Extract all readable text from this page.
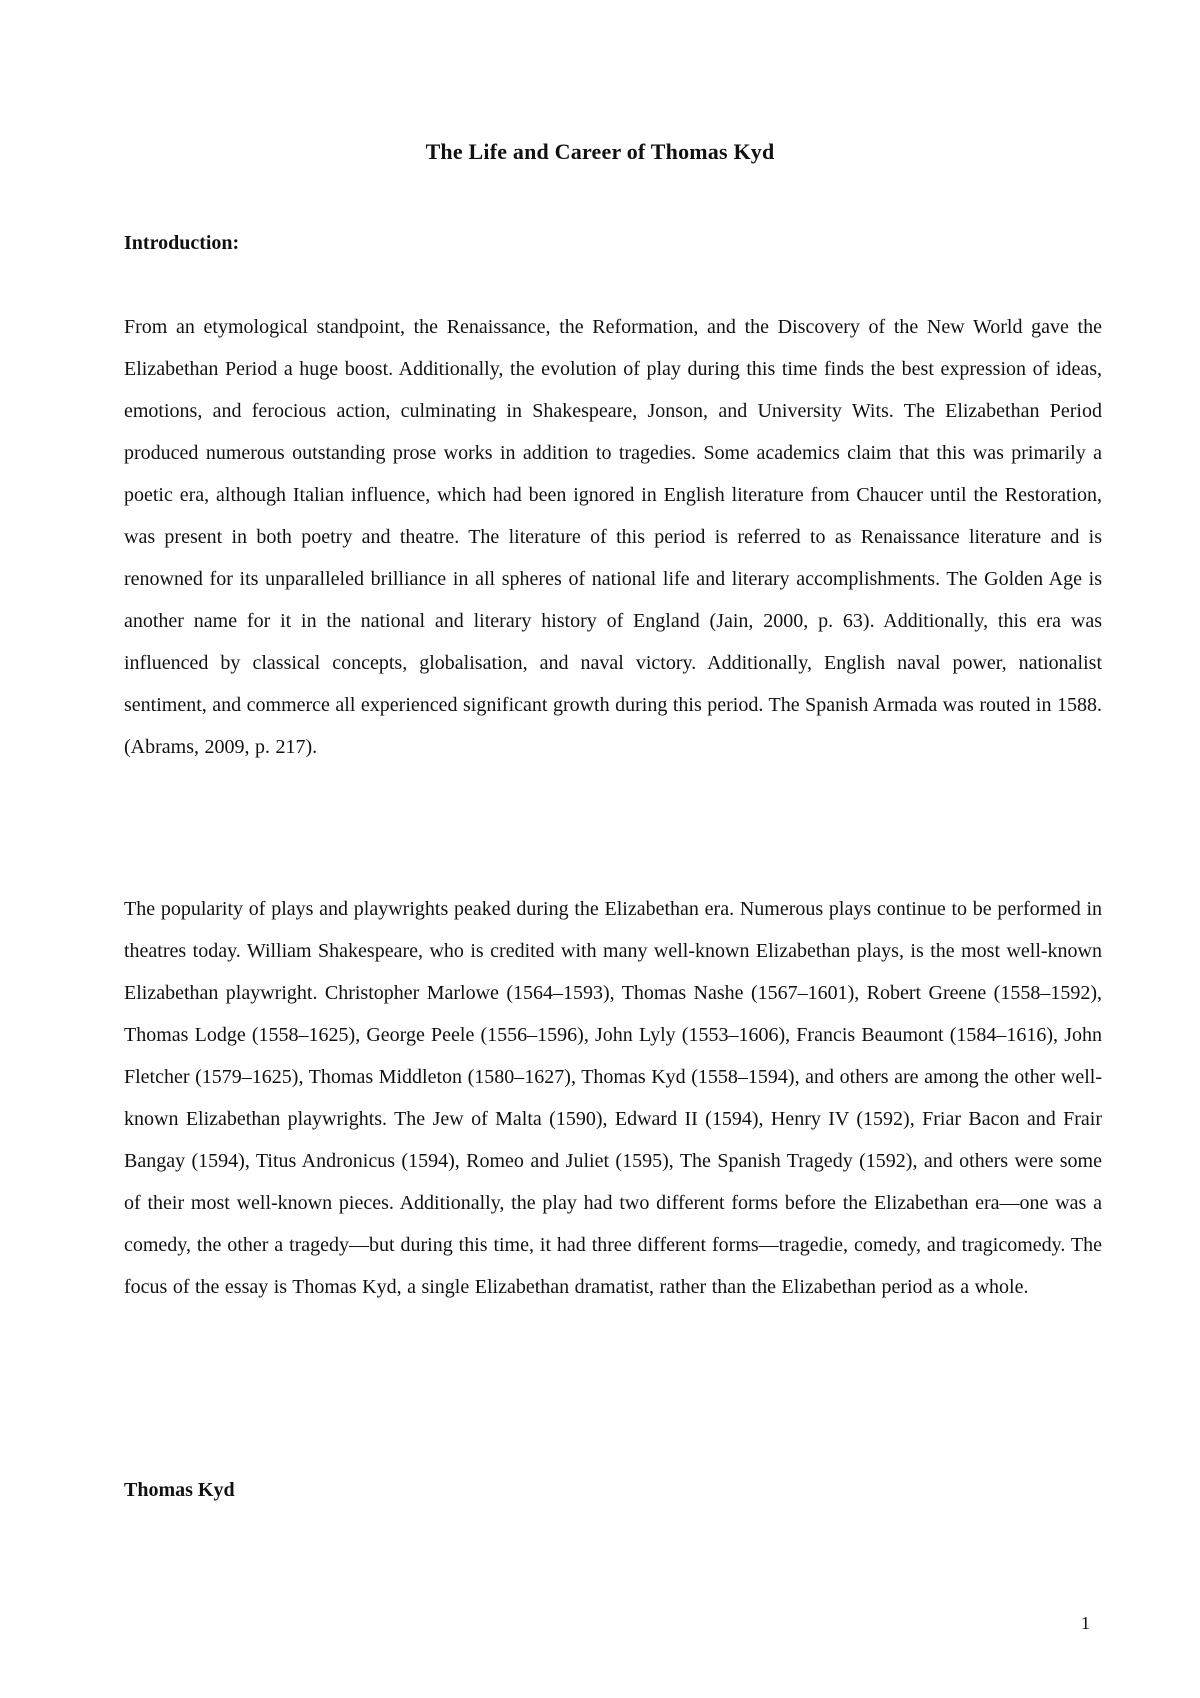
The Life and Career of Thomas Kyd
Introduction:

From an etymological standpoint, the Renaissance, the Reformation, and the Discovery of the New World gave the Elizabethan Period a huge boost. Additionally, the evolution of play during this time finds the best expression of ideas, emotions, and ferocious action, culminating in Shakespeare, Jonson, and University Wits. The Elizabethan Period produced numerous outstanding prose works in addition to tragedies. Some academics claim that this was primarily a poetic era, although Italian influence, which had been ignored in English literature from Chaucer until the Restoration, was present in both poetry and theatre. The literature of this period is referred to as Renaissance literature and is renowned for its unparalleled brilliance in all spheres of national life and literary accomplishments. The Golden Age is another name for it in the national and literary history of England (Jain, 2000, p. 63). Additionally, this era was influenced by classical concepts, globalisation, and naval victory. Additionally, English naval power, nationalist sentiment, and commerce all experienced significant growth during this period. The Spanish Armada was routed in 1588. (Abrams, 2009, p. 217).

The popularity of plays and playwrights peaked during the Elizabethan era. Numerous plays continue to be performed in theatres today. William Shakespeare, who is credited with many well-known Elizabethan plays, is the most well-known Elizabethan playwright. Christopher Marlowe (1564–1593), Thomas Nashe (1567–1601), Robert Greene (1558–1592), Thomas Lodge (1558–1625), George Peele (1556–1596), John Lyly (1553–1606), Francis Beaumont (1584–1616), John Fletcher (1579–1625), Thomas Middleton (1580–1627), Thomas Kyd (1558–1594), and others are among the other well-known Elizabethan playwrights. The Jew of Malta (1590), Edward II (1594), Henry IV (1592), Friar Bacon and Frair Bangay (1594), Titus Andronicus (1594), Romeo and Juliet (1595), The Spanish Tragedy (1592), and others were some of their most well-known pieces. Additionally, the play had two different forms before the Elizabethan era—one was a comedy, the other a tragedy—but during this time, it had three different forms—tragedie, comedy, and tragicomedy. The focus of the essay is Thomas Kyd, a single Elizabethan dramatist, rather than the Elizabethan period as a whole.

Thomas Kyd
1
